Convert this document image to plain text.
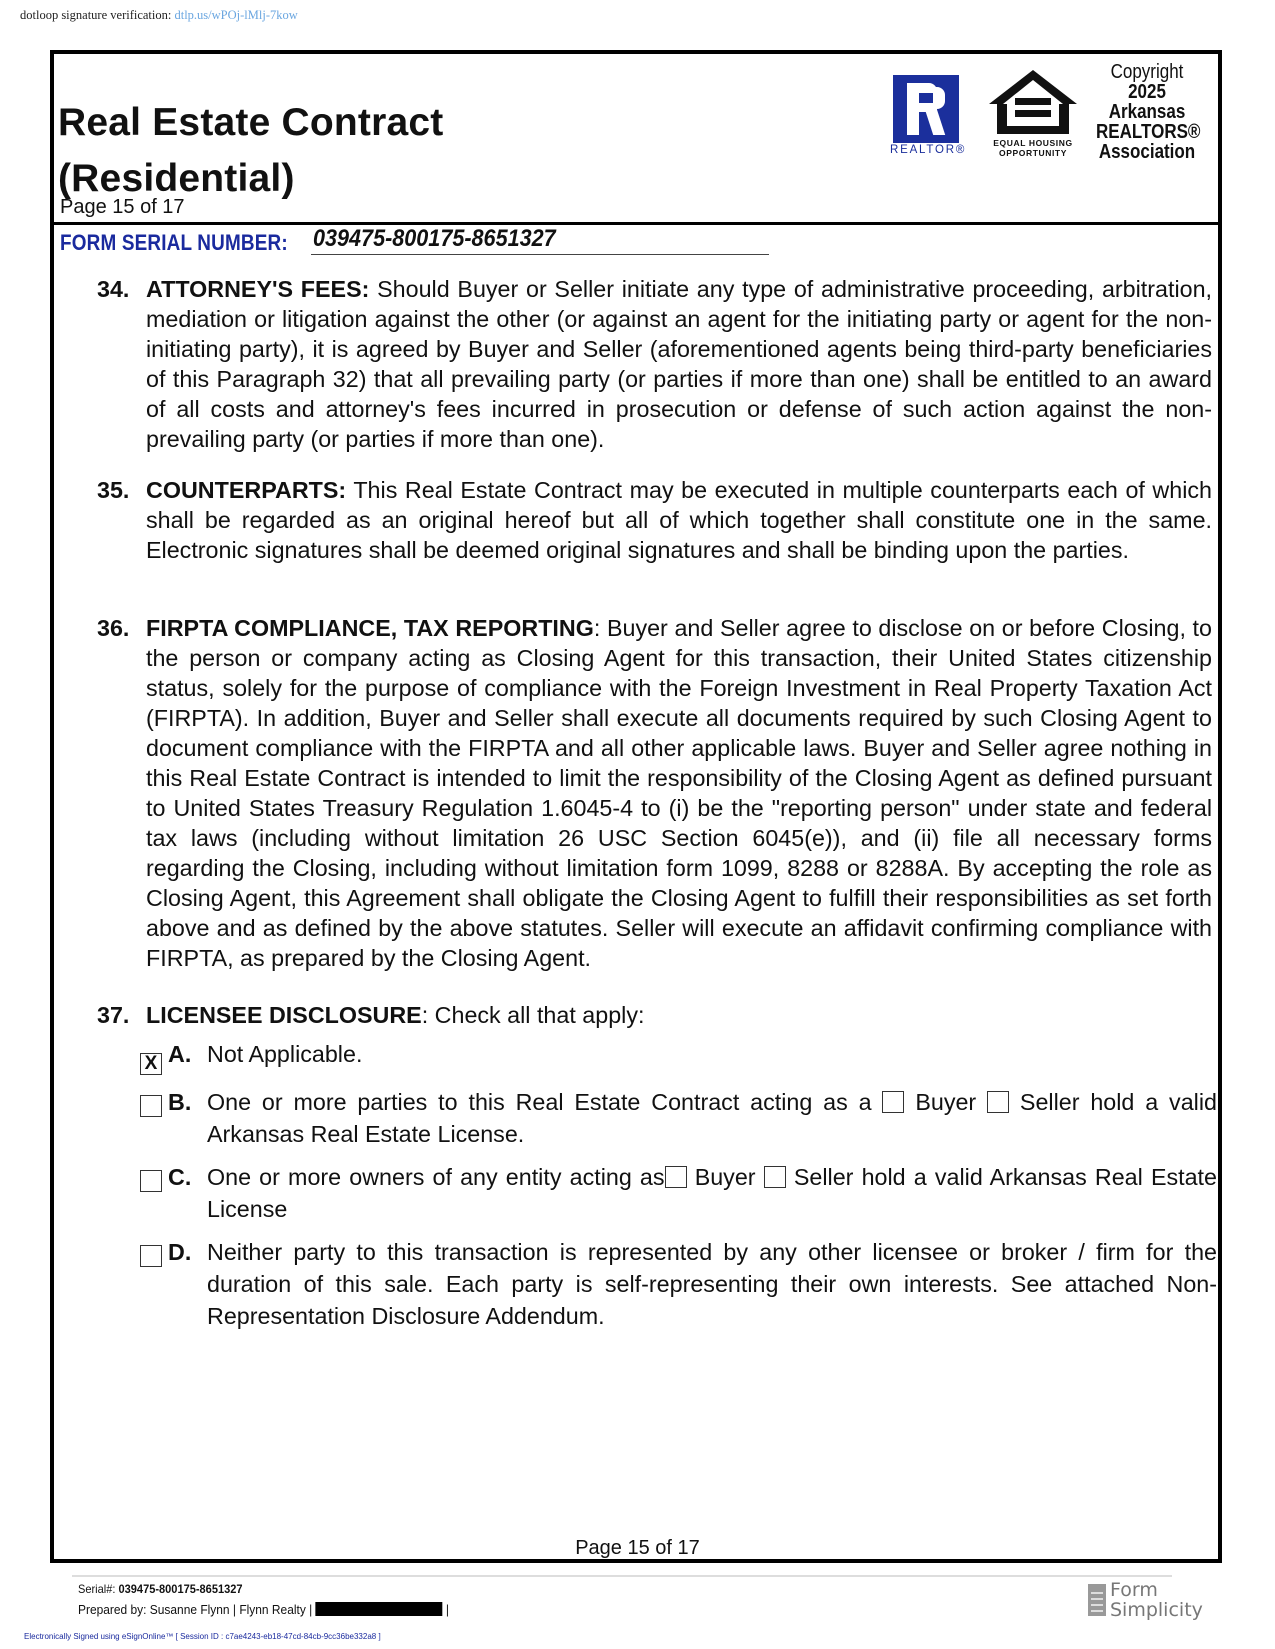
dotloop signature verification: dtlp.us/wPOj-lMlj-7kow
Real Estate Contract
(Residential)
Page 15 of 17
REALTOR®
EQUAL HOUSING
OPPORTUNITY
Copyright
2025
Arkansas
REALTORS®
Association
FORM SERIAL NUMBER: 039475-800175-8651327
34. ATTORNEY'S FEES: Should Buyer or Seller initiate any type of administrative proceeding, arbitration, mediation or litigation against the other (or against an agent for the initiating party or agent for the non-initiating party), it is agreed by Buyer and Seller (aforementioned agents being third-party beneficiaries of this Paragraph 32) that all prevailing party (or parties if more than one) shall be entitled to an award of all costs and attorney's fees incurred in prosecution or defense of such action against the non-prevailing party (or parties if more than one).
35. COUNTERPARTS: This Real Estate Contract may be executed in multiple counterparts each of which shall be regarded as an original hereof but all of which together shall constitute one in the same. Electronic signatures shall be deemed original signatures and shall be binding upon the parties.
36. FIRPTA COMPLIANCE, TAX REPORTING: Buyer and Seller agree to disclose on or before Closing, to the person or company acting as Closing Agent for this transaction, their United States citizenship status, solely for the purpose of compliance with the Foreign Investment in Real Property Taxation Act (FIRPTA). In addition, Buyer and Seller shall execute all documents required by such Closing Agent to document compliance with the FIRPTA and all other applicable laws. Buyer and Seller agree nothing in this Real Estate Contract is intended to limit the responsibility of the Closing Agent as defined pursuant to United States Treasury Regulation 1.6045-4 to (i) be the "reporting person" under state and federal tax laws (including without limitation 26 USC Section 6045(e)), and (ii) file all necessary forms regarding the Closing, including without limitation form 1099, 8288 or 8288A. By accepting the role as Closing Agent, this Agreement shall obligate the Closing Agent to fulfill their responsibilities as set forth above and as defined by the above statutes. Seller will execute an affidavit confirming compliance with FIRPTA, as prepared by the Closing Agent.
37. LICENSEE DISCLOSURE: Check all that apply:
X A. Not Applicable.
B. One or more parties to this Real Estate Contract acting as a Buyer Seller hold a valid Arkansas Real Estate License.
C. One or more owners of any entity acting as Buyer Seller hold a valid Arkansas Real Estate License
D. Neither party to this transaction is represented by any other licensee or broker / firm for the duration of this sale. Each party is self-representing their own interests. See attached Non-Representation Disclosure Addendum.
Page 15 of 17
Serial#: 039475-800175-8651327
Prepared by: Susanne Flynn | Flynn Realty |	|
Electronically Signed using eSignOnline™ [ Session ID : c7ae4243-eb18-47cd-84cb-9cc36be332a8 ]
Form
Simplicity
